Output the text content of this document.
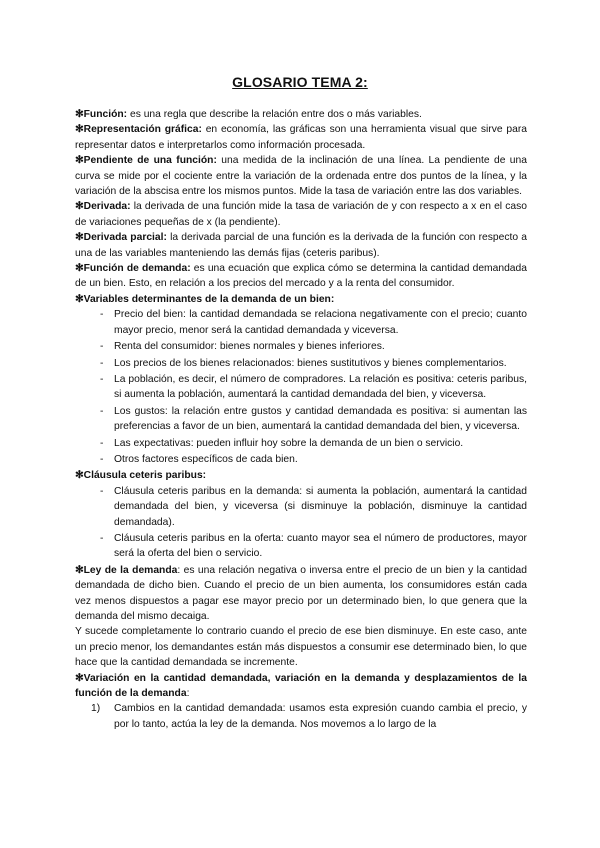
GLOSARIO TEMA 2:

✻Función: es una regla que describe la relación entre dos o más variables.

✻Representación gráfica: en economía, las gráficas son una herramienta visual que sirve para representar datos e interpretarlos como información procesada.

✻Pendiente de una función: una medida de la inclinación de una línea. La pendiente de una curva se mide por el cociente entre la variación de la ordenada entre dos puntos de la línea, y la variación de la abscisa entre los mismos puntos. Mide la tasa de variación entre las dos variables.

✻Derivada: la derivada de una función mide la tasa de variación de y con respecto a x en el caso de variaciones pequeñas de x (la pendiente).

✻Derivada parcial: la derivada parcial de una función es la derivada de la función con respecto a una de las variables manteniendo las demás fijas (ceteris paribus).

✻Función de demanda: es una ecuación que explica cómo se determina la cantidad demandada de un bien. Esto, en relación a los precios del mercado y a la renta del consumidor.

✻Variables determinantes de la demanda de un bien:

- Precio del bien: la cantidad demandada se relaciona negativamente con el precio; cuanto mayor precio, menor será la cantidad demandada y viceversa.
- Renta del consumidor: bienes normales y bienes inferiores.
- Los precios de los bienes relacionados: bienes sustitutivos y bienes complementarios.
- La población, es decir, el número de compradores. La relación es positiva: ceteris paribus, si aumenta la población, aumentará la cantidad demandada del bien, y viceversa.
- Los gustos: la relación entre gustos y cantidad demandada es positiva: si aumentan las preferencias a favor de un bien, aumentará la cantidad demandada del bien, y viceversa.
- Las expectativas: pueden influir hoy sobre la demanda de un bien o servicio.
- Otros factores específicos de cada bien.

✻Cláusula ceteris paribus:

- Cláusula ceteris paribus en la demanda: si aumenta la población, aumentará la cantidad demandada del bien, y viceversa (si disminuye la población, disminuye la cantidad demandada).
- Cláusula ceteris paribus en la oferta: cuanto mayor sea el número de productores, mayor será la oferta del bien o servicio.

✻Ley de la demanda: es una relación negativa o inversa entre el precio de un bien y la cantidad demandada de dicho bien. Cuando el precio de un bien aumenta, los consumidores están cada vez menos dispuestos a pagar ese mayor precio por un determinado bien, lo que genera que la demanda del mismo decaiga.

Y sucede completamente lo contrario cuando el precio de ese bien disminuye. En este caso, ante un precio menor, los demandantes están más dispuestos a consumir ese determinado bien, lo que hace que la cantidad demandada se incremente.

✻Variación en la cantidad demandada, variación en la demanda y desplazamientos de la función de la demanda:

1) Cambios en la cantidad demandada: usamos esta expresión cuando cambia el precio, y por lo tanto, actúa la ley de la demanda. Nos movemos a lo largo de la
